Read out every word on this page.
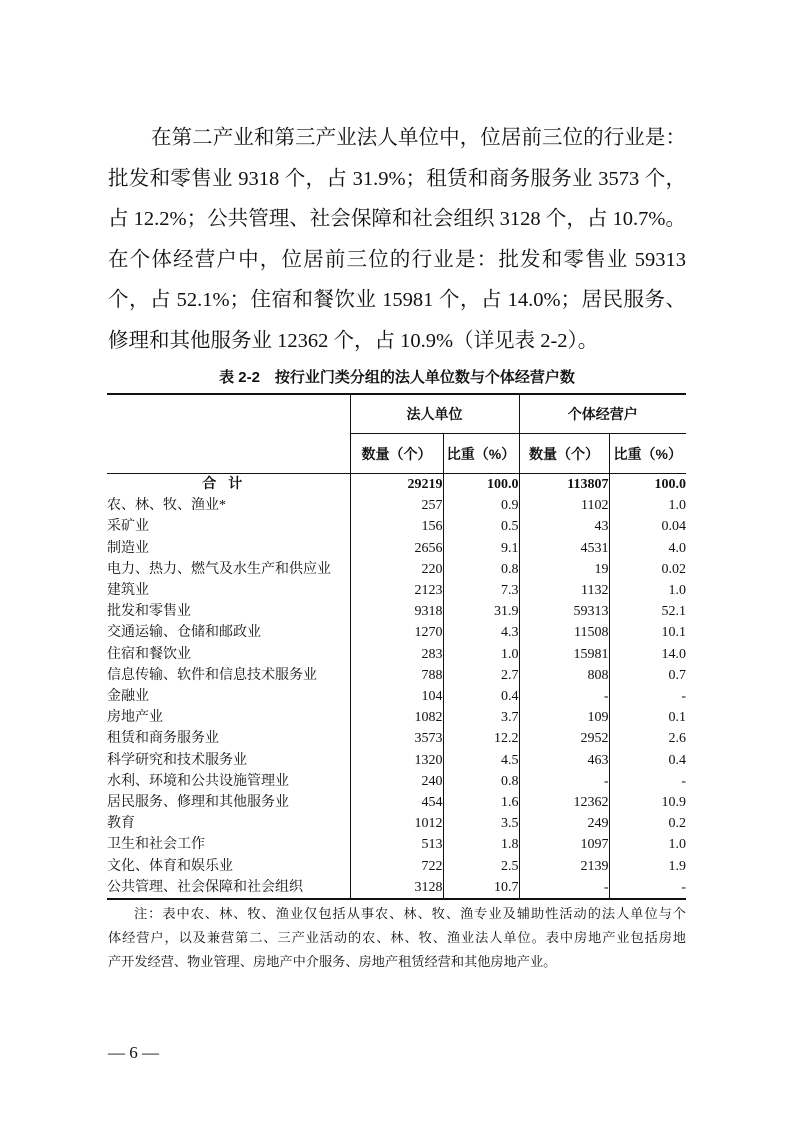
在第二产业和第三产业法人单位中，位居前三位的行业是：
批发和零售业 9318 个，占 31.9%；租赁和商务服务业 3573 个，
占 12.2%；公共管理、社会保障和社会组织 3128 个，占 10.7%。
在个体经营户中，位居前三位的行业是：批发和零售业 59313
个，占 52.1%；住宿和餐饮业 15981 个，占 14.0%；居民服务、
修理和其他服务业 12362 个，占 10.9%（详见表 2-2）。
表 2-2　按行业门类分组的法人单位数与个体经营户数
	法人单位		个体经营户	
	数量（个）	比重（%）	数量（个）	比重（%）
合计	29219	100.0	113807	100.0
农、林、牧、渔业*	257	0.9	1102	1.0
采矿业	156	0.5	43	0.04
制造业	2656	9.1	4531	4.0
电力、热力、燃气及水生产和供应业	220	0.8	19	0.02
建筑业	2123	7.3	1132	1.0
批发和零售业	9318	31.9	59313	52.1
交通运输、仓储和邮政业	1270	4.3	11508	10.1
住宿和餐饮业	283	1.0	15981	14.0
信息传输、软件和信息技术服务业	788	2.7	808	0.7
金融业	104	0.4	-	-
房地产业	1082	3.7	109	0.1
租赁和商务服务业	3573	12.2	2952	2.6
科学研究和技术服务业	1320	4.5	463	0.4
水利、环境和公共设施管理业	240	0.8	-	-
居民服务、修理和其他服务业	454	1.6	12362	10.9
教育	1012	3.5	249	0.2
卫生和社会工作	513	1.8	1097	1.0
文化、体育和娱乐业	722	2.5	2139	1.9
公共管理、社会保障和社会组织	3128	10.7	-	-
注：表中农、林、牧、渔业仅包括从事农、林、牧、渔专业及辅助性活动的法人单位与个
体经营户，以及兼营第二、三产业活动的农、林、牧、渔业法人单位。表中房地产业包括房地
产开发经营、物业管理、房地产中介服务、房地产租赁经营和其他房地产业。
— 6 —
